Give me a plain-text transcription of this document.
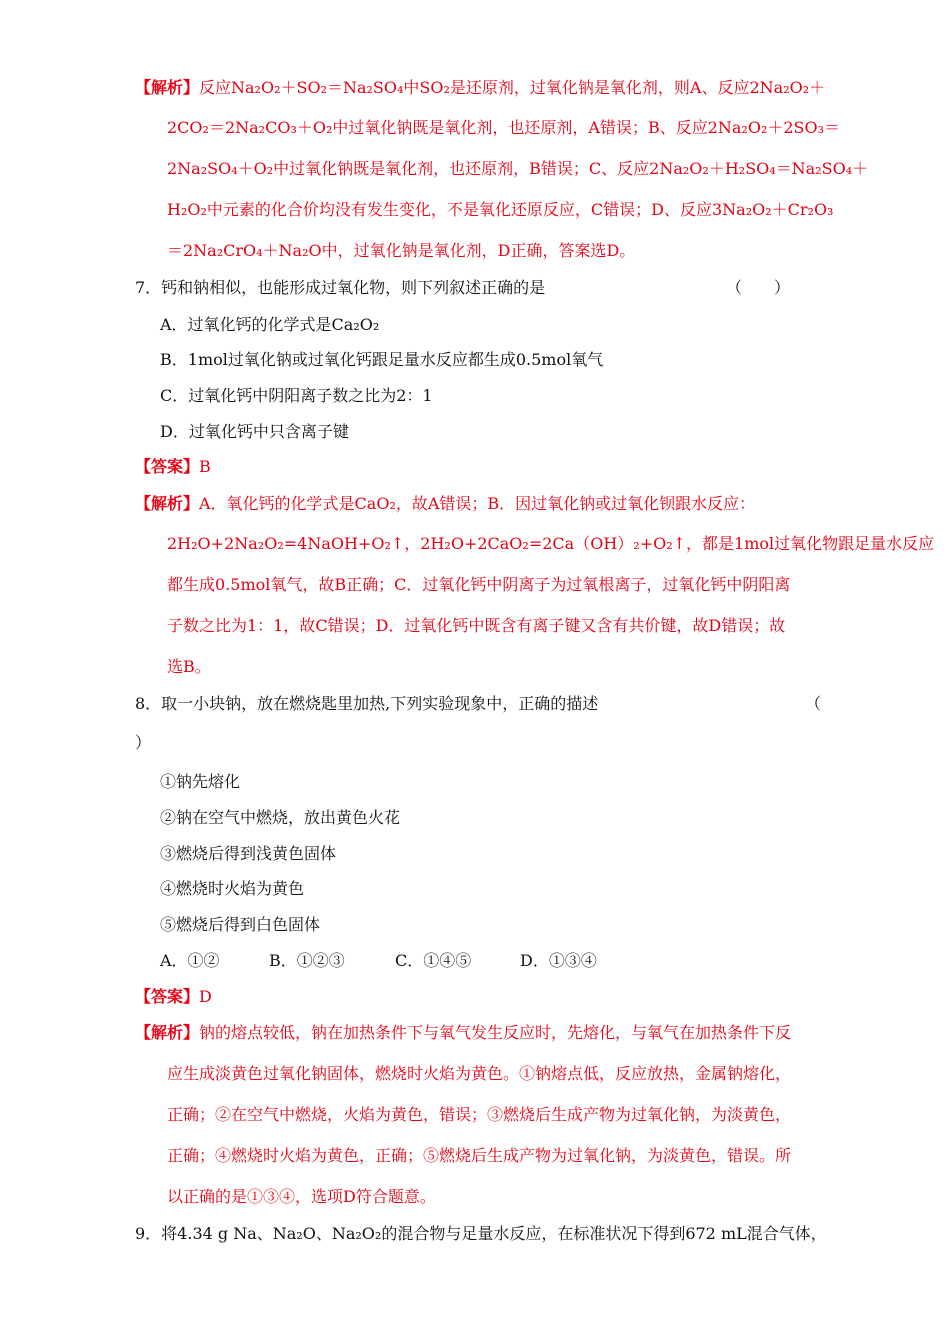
【解析】 反应Na₂O₂＋SO₂＝Na₂SO₄中SO₂是还原剂，过氧化钠是氧化剂，则A、反应2Na₂O₂＋
2CO₂＝2Na₂CO₃＋O₂中过氧化钠既是氧化剂，也还原剂，A错误；B、反应2Na₂O₂＋2SO₃＝
2Na₂SO₄＋O₂中过氧化钠既是氧化剂，也还原剂，B错误；C、反应2Na₂O₂＋H₂SO₄＝Na₂SO₄＋
H₂O₂中元素的化合价均没有发生变化，不是氧化还原反应，C错误；D、反应3Na₂O₂＋Cr₂O₃
＝2Na₂CrO₄＋Na₂O中，过氧化钠是氧化剂，D正确，答案选D。
7．钙和钠相似，也能形成过氧化物，则下列叙述正确的是	（　　）
A．过氧化钙的化学式是Ca₂O₂
B．1mol过氧化钠或过氧化钙跟足量水反应都生成0.5mol氧气
C．过氧化钙中阴阳离子数之比为2：1
D．过氧化钙中只含离子键
【答案】 B
【解析】 A．氧化钙的化学式是CaO₂，故A错误；B．因过氧化钠或过氧化钡跟水反应：
2H₂O+2Na₂O₂=4NaOH+O₂↑，2H₂O+2CaO₂=2Ca（OH）₂+O₂↑，都是1mol过氧化物跟足量水反应
都生成0.5mol氧气，故B正确；C．过氧化钙中阴离子为过氧根离子，过氧化钙中阴阳离
子数之比为1：1，故C错误；D．过氧化钙中既含有离子键又含有共价键，故D错误；故
选B。
8．取一小块钠，放在燃烧匙里加热,下列实验现象中，正确的描述	（
）
①钠先熔化
②钠在空气中燃烧，放出黄色火花
③燃烧后得到浅黄色固体
④燃烧时火焰为黄色
⑤燃烧后得到白色固体
A．①②	B．①②③	C．①④⑤	D．①③④
【答案】 D
【解析】 钠的熔点较低，钠在加热条件下与氧气发生反应时，先熔化，与氧气在加热条件下反
应生成淡黄色过氧化钠固体，燃烧时火焰为黄色。①钠熔点低，反应放热，金属钠熔化，
正确；②在空气中燃烧，火焰为黄色，错误；③燃烧后生成产物为过氧化钠，为淡黄色，
正确；④燃烧时火焰为黄色，正确；⑤燃烧后生成产物为过氧化钠，为淡黄色，错误。所
以正确的是①③④，选项D符合题意。
9．将4.34 g Na、Na₂O、Na₂O₂的混合物与足量水反应，在标准状况下得到672 mL混合气体，
